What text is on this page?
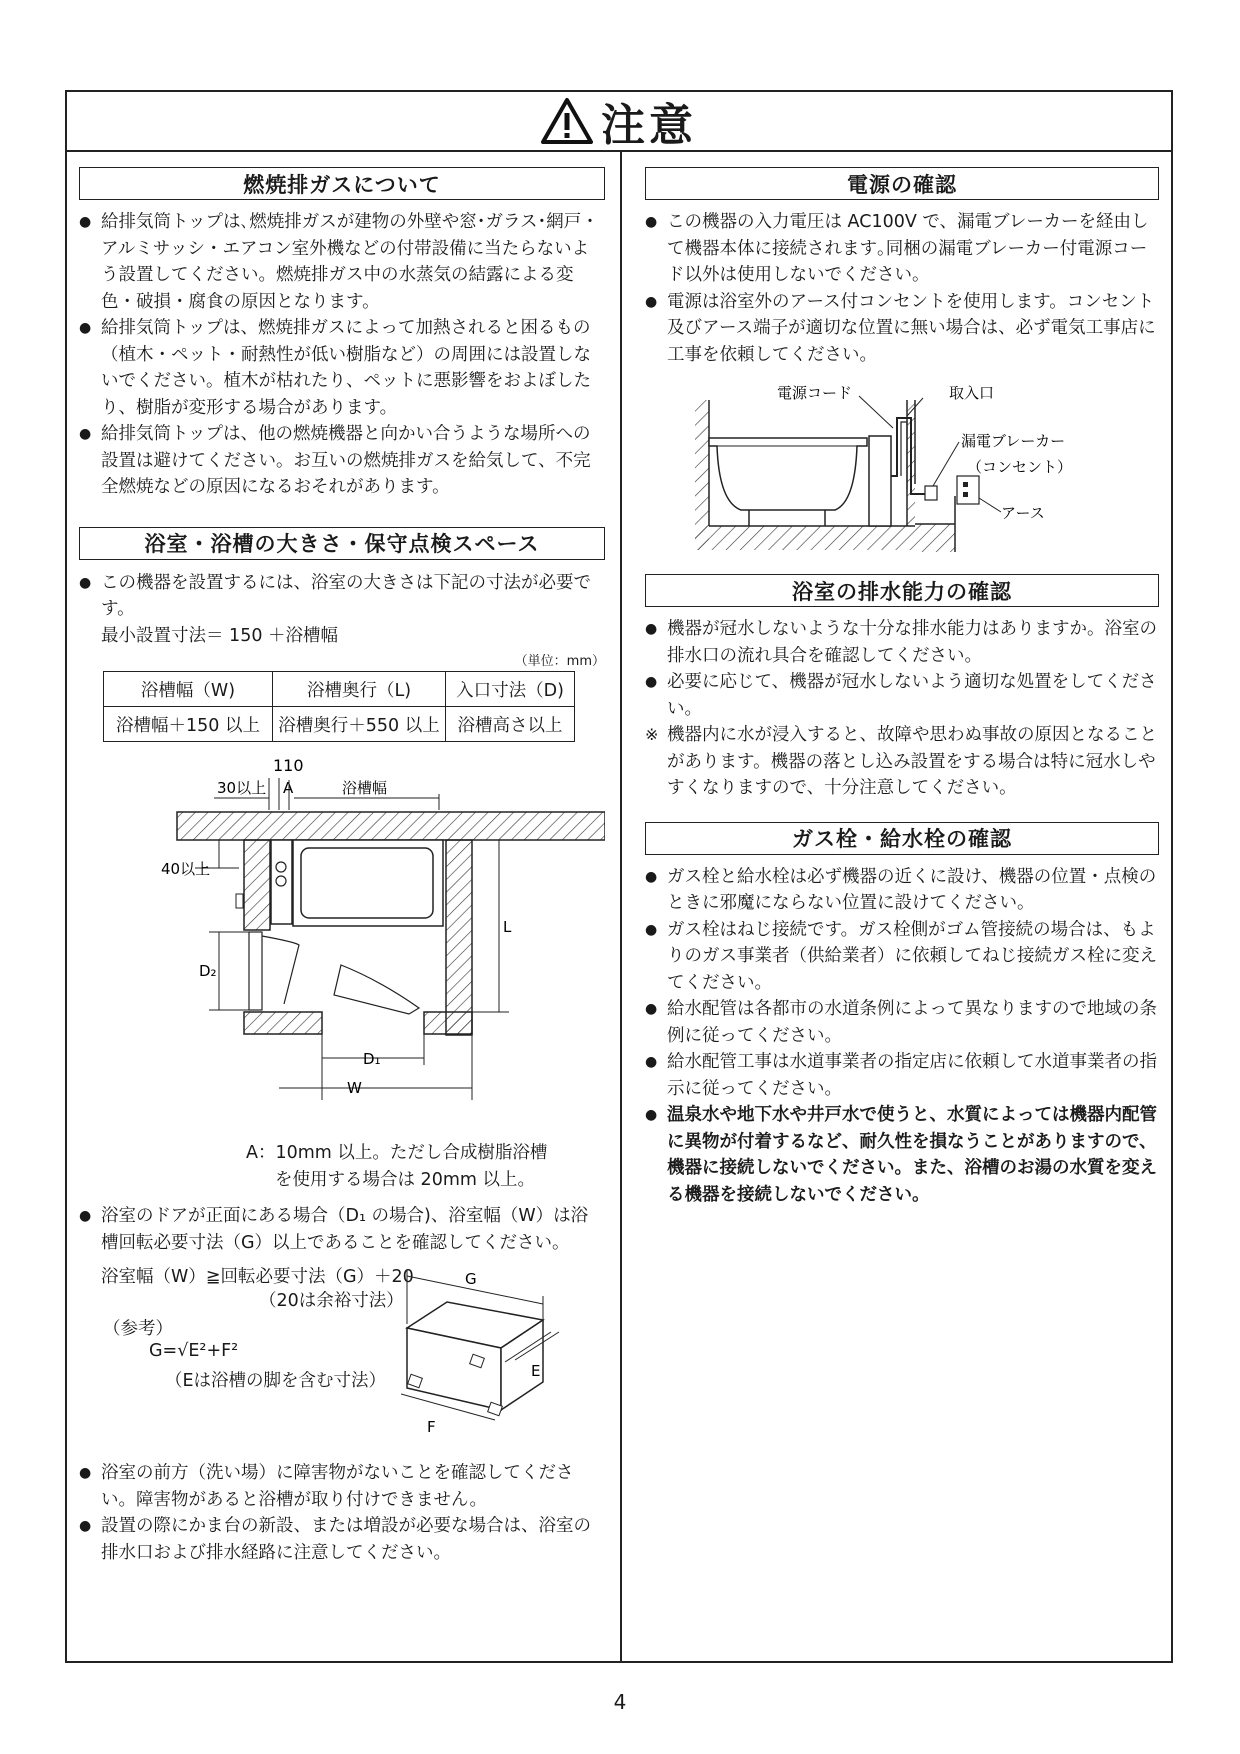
注意
燃焼排ガスについて
● 給排気筒トップは､燃焼排ガスが建物の外壁や窓･ガラス･網戸・アルミサッシ・エアコン室外機などの付帯設備に当たらないよう設置してください。燃焼排ガス中の水蒸気の結露による変色・破損・腐食の原因となります。
● 給排気筒トップは、燃焼排ガスによって加熱されると困るもの（植木・ペット・耐熱性が低い樹脂など）の周囲には設置しないでください。植木が枯れたり、ペットに悪影響をおよぼしたり、樹脂が変形する場合があります。
● 給排気筒トップは、他の燃焼機器と向かい合うような場所への設置は避けてください。お互いの燃焼排ガスを給気して、不完全燃焼などの原因になるおそれがあります。
浴室・浴槽の大きさ・保守点検スペース
● この機器を設置するには、浴室の大きさは下記の寸法が必要です。
最小設置寸法＝ 150 ＋浴槽幅
（単位：mm）
浴槽幅（W)	浴槽奥行（L)	入口寸法（D)
浴槽幅＋150 以上	浴槽奥行＋550 以上	浴槽高さ以上
110
30以上 A	浴槽幅
40以上
D₂
L
D₁
W
A：10mm 以上。ただし合成樹脂浴槽
を使用する場合は 20mm 以上。
● 浴室のドアが正面にある場合（D₁ の場合)、浴室幅（W）は浴槽回転必要寸法（G）以上であることを確認してください。
浴室幅（W）≧回転必要寸法（G）＋20
（20は余裕寸法）
（参考）
G=√E²+F²
（Eは浴槽の脚を含む寸法）
G
E
F
● 浴室の前方（洗い場）に障害物がないことを確認してください。障害物があると浴槽が取り付けできません。
● 設置の際にかま台の新設、または増設が必要な場合は、浴室の排水口および排水経路に注意してください。
電源の確認
● この機器の入力電圧は AC100V で、漏電ブレーカーを経由して機器本体に接続されます｡同梱の漏電ブレーカー付電源コード以外は使用しないでください。
● 電源は浴室外のアース付コンセントを使用します。コンセント及びアース端子が適切な位置に無い場合は、必ず電気工事店に工事を依頼してください。
電源コード	取入口
漏電ブレーカー
（コンセント）
アース
浴室の排水能力の確認
● 機器が冠水しないような十分な排水能力はありますか。浴室の排水口の流れ具合を確認してください。
● 必要に応じて、機器が冠水しないよう適切な処置をしてください。
※ 機器内に水が浸入すると、故障や思わぬ事故の原因となることがあります。機器の落とし込み設置をする場合は特に冠水しやすくなりますので、十分注意してください。
ガス栓・給水栓の確認
● ガス栓と給水栓は必ず機器の近くに設け、機器の位置・点検のときに邪魔にならない位置に設けてください。
● ガス栓はねじ接続です。ガス栓側がゴム管接続の場合は、もよりのガス事業者（供給業者）に依頼してねじ接続ガス栓に変えてください。
● 給水配管は各都市の水道条例によって異なりますので地域の条例に従ってください。
● 給水配管工事は水道事業者の指定店に依頼して水道事業者の指示に従ってください。
● 温泉水や地下水や井戸水で使うと、水質によっては機器内配管に異物が付着するなど、耐久性を損なうことがありますので、機器に接続しないでください。また、浴槽のお湯の水質を変える機器を接続しないでください。
4
